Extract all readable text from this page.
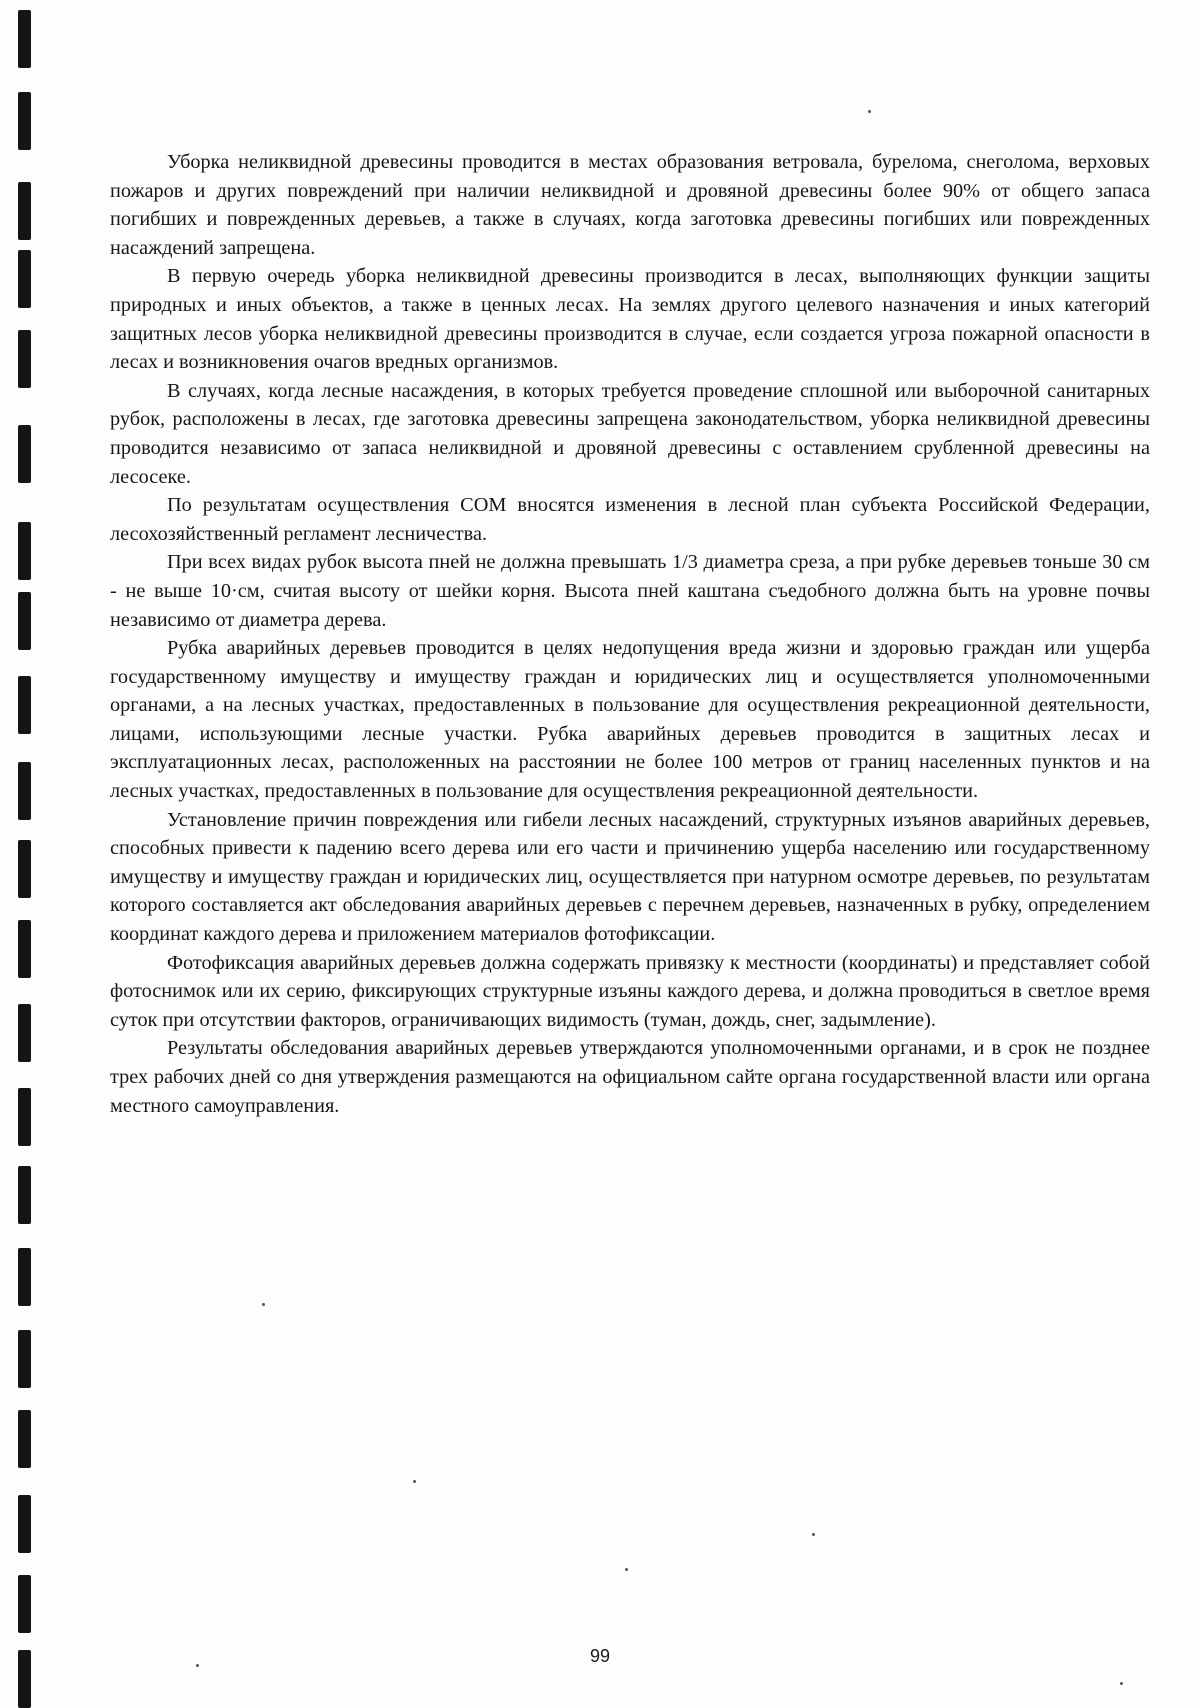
Уборка неликвидной древесины проводится в местах образования ветровала, бурелома, снеголома, верховых пожаров и других повреждений при наличии неликвидной и дровяной древесины более 90% от общего запаса погибших и поврежденных деревьев, а также в случаях, когда заготовка древесины погибших или поврежденных насаждений запрещена.

В первую очередь уборка неликвидной древесины производится в лесах, выполняющих функции защиты природных и иных объектов, а также в ценных лесах. На землях другого целевого назначения и иных категорий защитных лесов уборка неликвидной древесины производится в случае, если создается угроза пожарной опасности в лесах и возникновения очагов вредных организмов.

В случаях, когда лесные насаждения, в которых требуется проведение сплошной или выборочной санитарных рубок, расположены в лесах, где заготовка древесины запрещена законодательством, уборка неликвидной древесины проводится независимо от запаса неликвидной и дровяной древесины с оставлением срубленной древесины на лесосеке.

По результатам осуществления СОМ вносятся изменения в лесной план субъекта Российской Федерации, лесохозяйственный регламент лесничества.

При всех видах рубок высота пней не должна превышать 1/3 диаметра среза, а при рубке деревьев тоньше 30 см - не выше 10·см, считая высоту от шейки корня. Высота пней каштана съедобного должна быть на уровне почвы независимо от диаметра дерева.

Рубка аварийных деревьев проводится в целях недопущения вреда жизни и здоровью граждан или ущерба государственному имуществу и имуществу граждан и юридических лиц и осуществляется уполномоченными органами, а на лесных участках, предоставленных в пользование для осуществления рекреационной деятельности, лицами, использующими лесные участки. Рубка аварийных деревьев проводится в защитных лесах и эксплуатационных лесах, расположенных на расстоянии не более 100 метров от границ населенных пунктов и на лесных участках, предоставленных в пользование для осуществления рекреационной деятельности.

Установление причин повреждения или гибели лесных насаждений, структурных изъянов аварийных деревьев, способных привести к падению всего дерева или его части и причинению ущерба населению или государственному имуществу и имуществу граждан и юридических лиц, осуществляется при натурном осмотре деревьев, по результатам которого составляется акт обследования аварийных деревьев с перечнем деревьев, назначенных в рубку, определением координат каждого дерева и приложением материалов фотофиксации.

Фотофиксация аварийных деревьев должна содержать привязку к местности (координаты) и представляет собой фотоснимок или их серию, фиксирующих структурные изъяны каждого дерева, и должна проводиться в светлое время суток при отсутствии факторов, ограничивающих видимость (туман, дождь, снег, задымление).

Результаты обследования аварийных деревьев утверждаются уполномоченными органами, и в срок не позднее трех рабочих дней со дня утверждения размещаются на официальном сайте органа государственной власти или органа местного самоуправления.

99
